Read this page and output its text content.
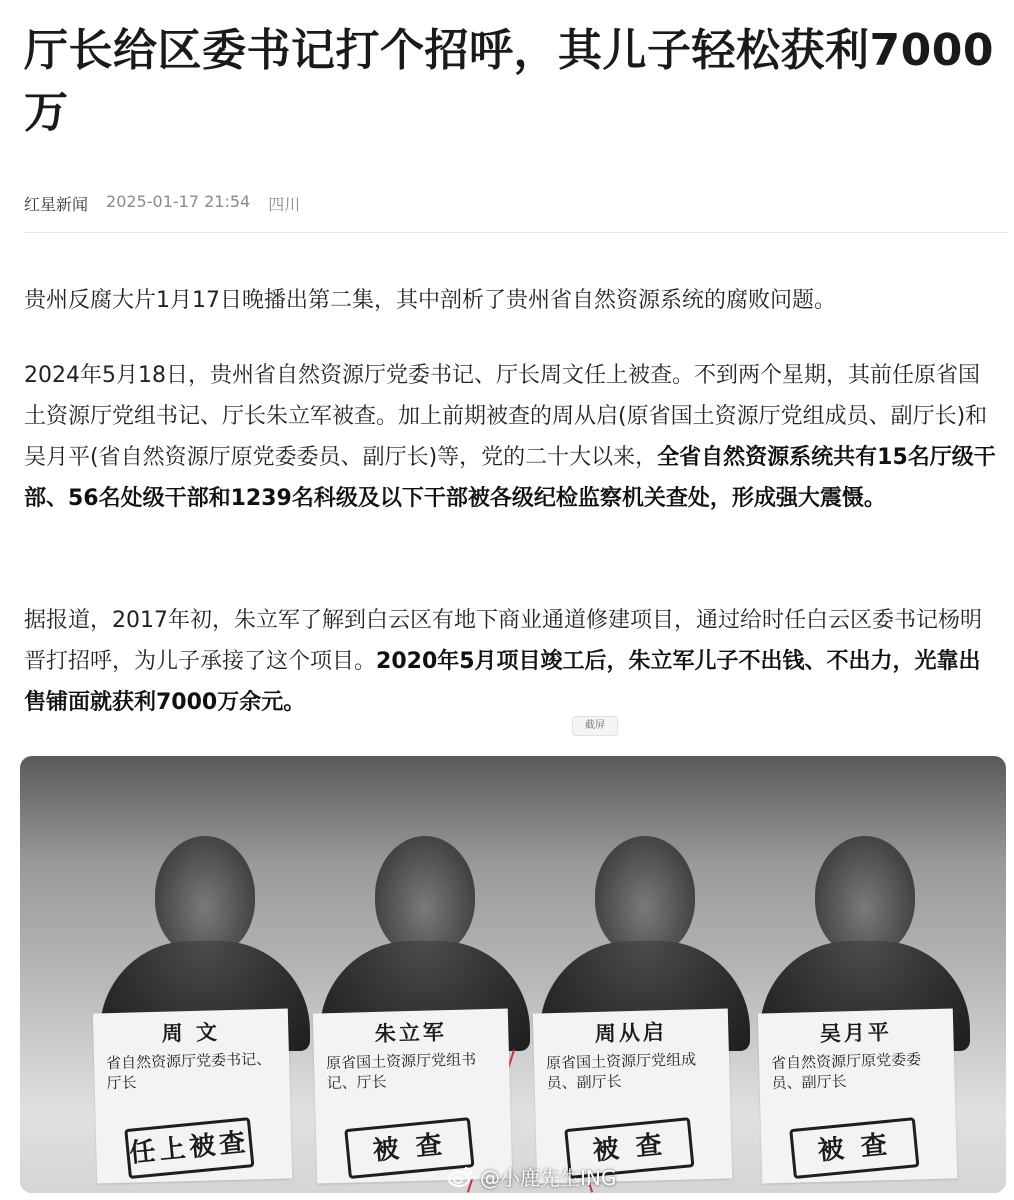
厅长给区委书记打个招呼，其儿子轻松获利7000万
红星新闻 2025-01-17 21:54 四川

贵州反腐大片1月17日晚播出第二集，其中剖析了贵州省自然资源系统的腐败问题。

2024年5月18日，贵州省自然资源厅党委书记、厅长周文任上被查。不到两个星期，其前任原省国土资源厅党组书记、厅长朱立军被查。加上前期被查的周从启(原省国土资源厅党组成员、副厅长)和吴月平(省自然资源厅原党委委员、副厅长)等，党的二十大以来，全省自然资源系统共有15名厅级干部、56名处级干部和1239名科级及以下干部被各级纪检监察机关查处，形成强大震慑。

据报道，2017年初，朱立军了解到白云区有地下商业通道修建项目，通过给时任白云区委书记杨明晋打招呼，为儿子承接了这个项目。2020年5月项目竣工后，朱立军儿子不出钱、不出力，光靠出售铺面就获利7000万余元。

截屏
周 文
省自然资源厅党委书记、厅长
任上被查
朱立军
原省国土资源厅党组书记、厅长
被 查
周从启
原省国土资源厅党组成员、副厅长
被 查
吴月平
省自然资源厅原党委委员、副厅长
被 查
@小鹿先生ING
